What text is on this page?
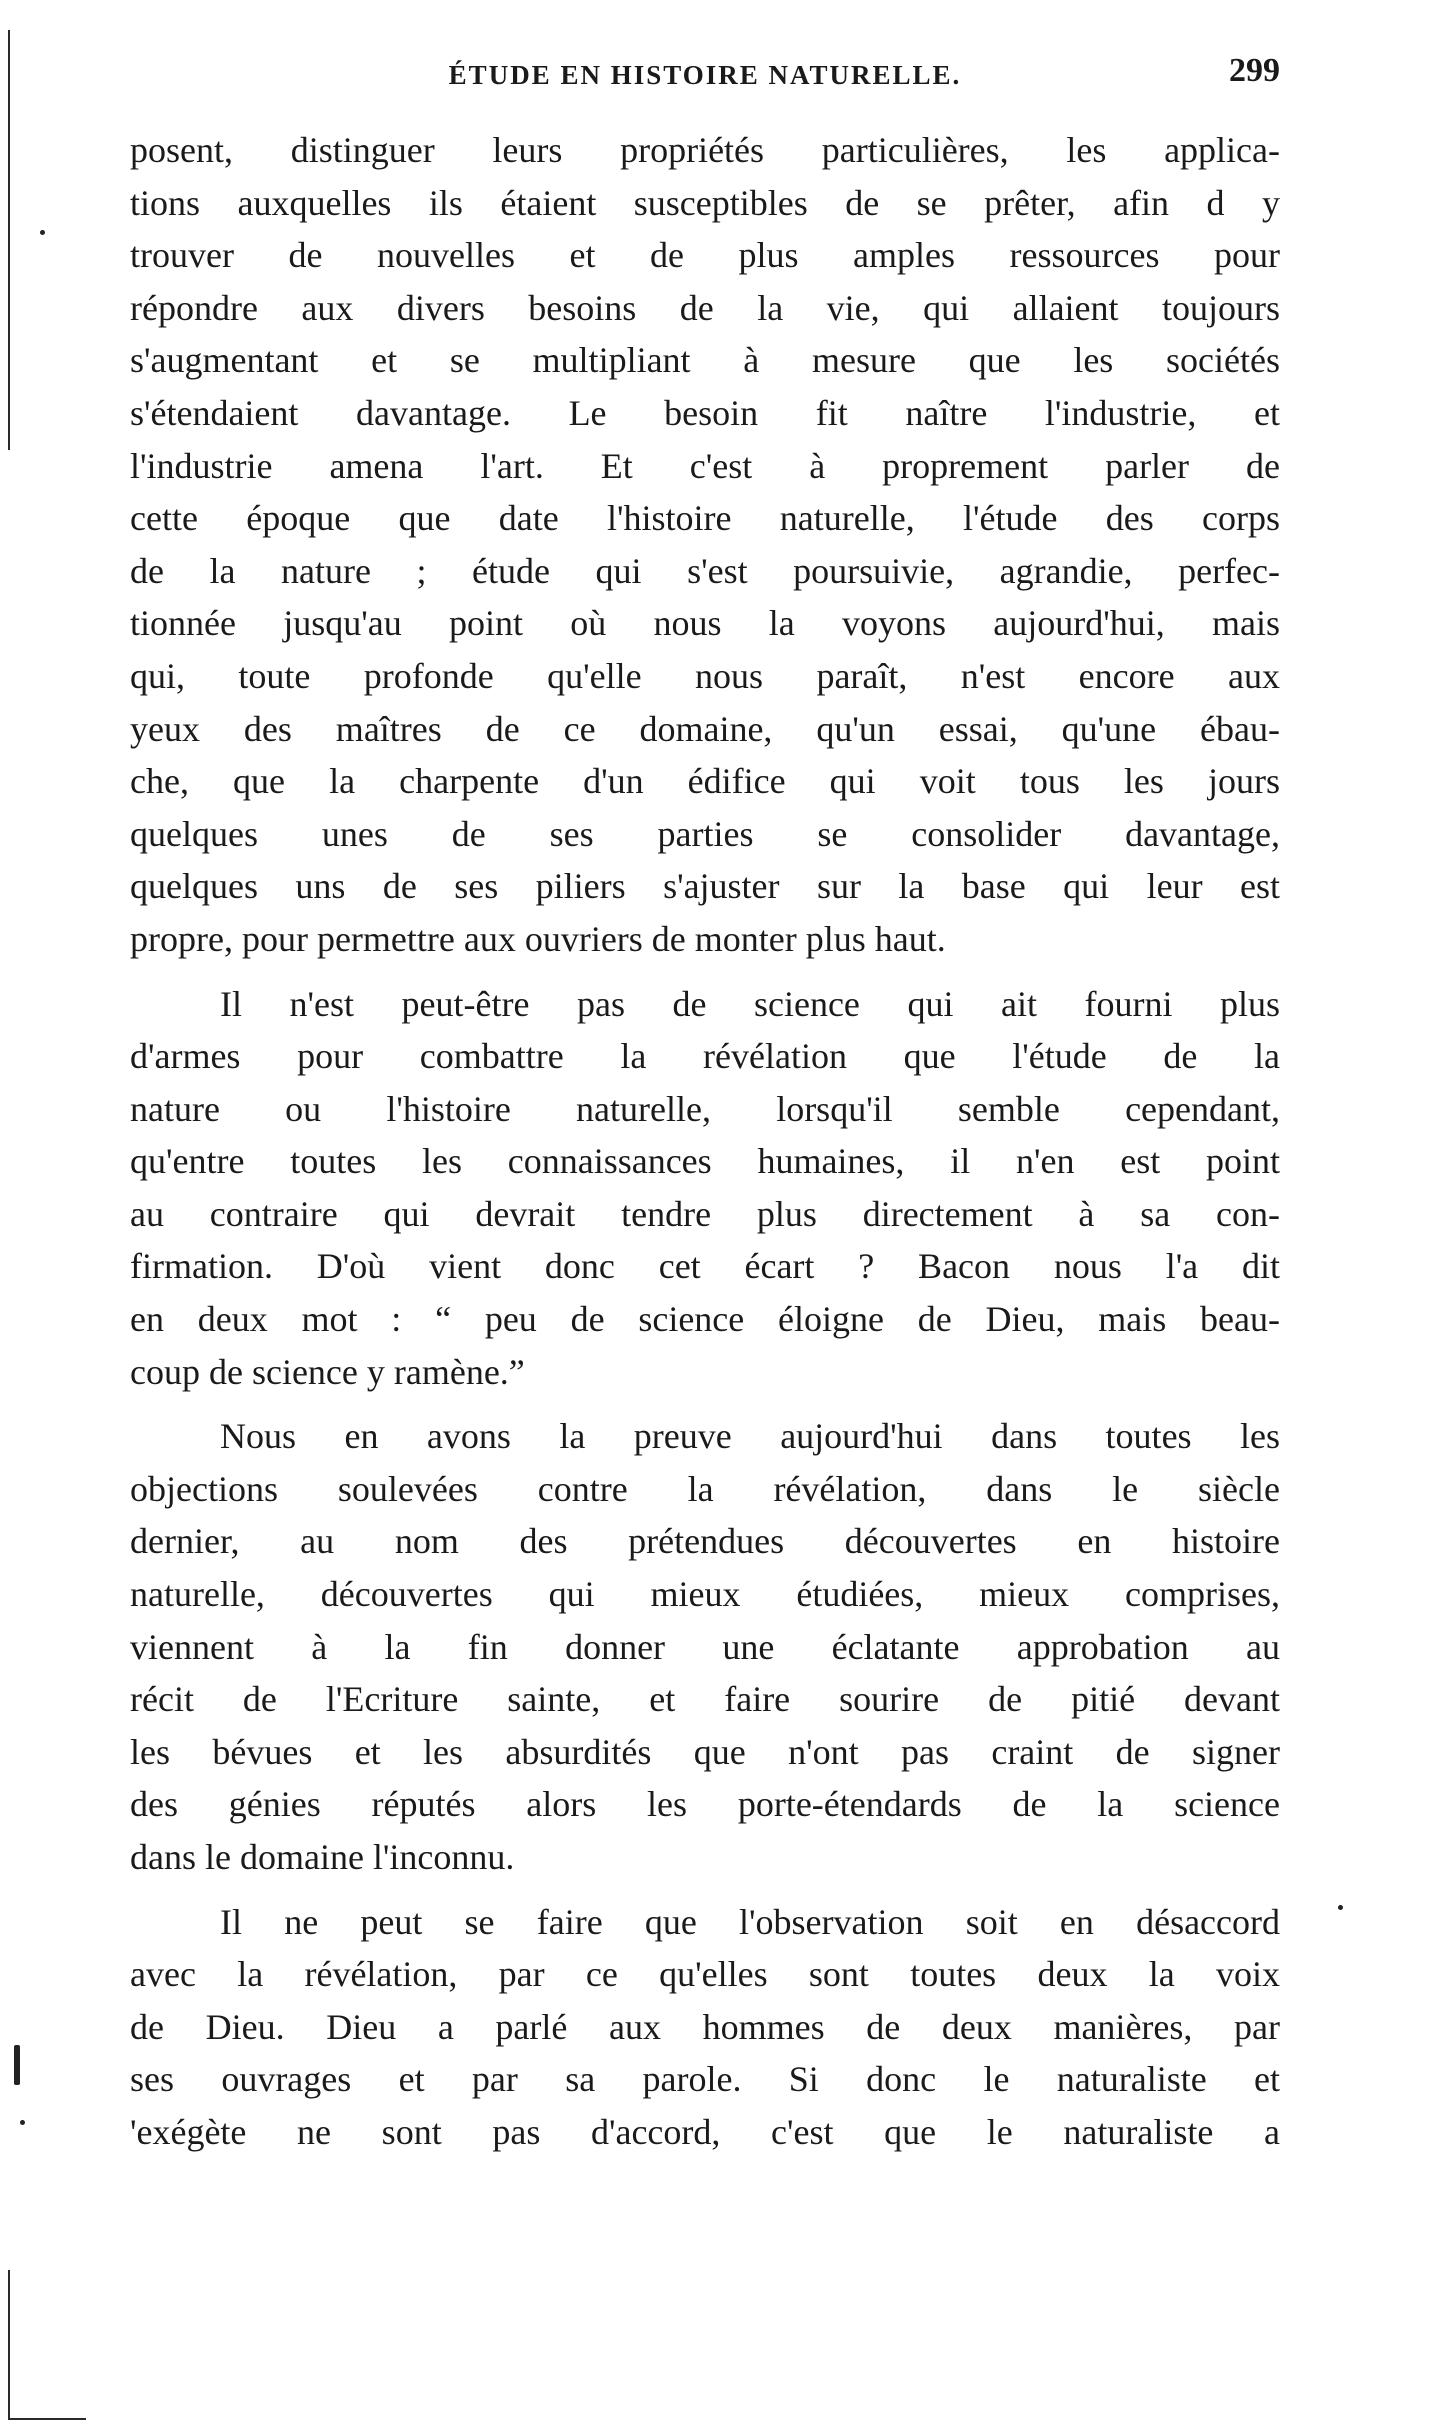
ÉTUDE EN HISTOIRE NATURELLE.	299
posent, distinguer leurs propriétés particulières, les applica-
tions auxquelles ils étaient susceptibles de se prêter, afin d y
trouver de nouvelles et de plus amples ressources pour
répondre aux divers besoins de la vie, qui allaient toujours
s'augmentant et se multipliant à mesure que les sociétés
s'étendaient davantage. Le besoin fit naître l'industrie, et
l'industrie amena l'art. Et c'est à proprement parler de
cette époque que date l'histoire naturelle, l'étude des corps
de la nature ; étude qui s'est poursuivie, agrandie, perfec-
tionnée jusqu'au point où nous la voyons aujourd'hui, mais
qui, toute profonde qu'elle nous paraît, n'est encore aux
yeux des maîtres de ce domaine, qu'un essai, qu'une ébau-
che, que la charpente d'un édifice qui voit tous les jours
quelques unes de ses parties se consolider davantage,
quelques uns de ses piliers s'ajuster sur la base qui leur est
propre, pour permettre aux ouvriers de monter plus haut.
Il n'est peut-être pas de science qui ait fourni plus
d'armes pour combattre la révélation que l'étude de la
nature ou l'histoire naturelle, lorsqu'il semble cependant,
qu'entre toutes les connaissances humaines, il n'en est point
au contraire qui devrait tendre plus directement à sa con-
firmation. D'où vient donc cet écart ? Bacon nous l'a dit
en deux mot : “ peu de science éloigne de Dieu, mais beau-
coup de science y ramène.”
Nous en avons la preuve aujourd'hui dans toutes les
objections soulevées contre la révélation, dans le siècle
dernier, au nom des prétendues découvertes en histoire
naturelle, découvertes qui mieux étudiées, mieux comprises,
viennent à la fin donner une éclatante approbation au
récit de l'Ecriture sainte, et faire sourire de pitié devant
les bévues et les absurdités que n'ont pas craint de signer
des génies réputés alors les porte-étendards de la science
dans le domaine l'inconnu.
Il ne peut se faire que l'observation soit en désaccord
avec la révélation, par ce qu'elles sont toutes deux la voix
de Dieu. Dieu a parlé aux hommes de deux manières, par
ses ouvrages et par sa parole. Si donc le naturaliste et
'exégète ne sont pas d'accord, c'est que le naturaliste a
